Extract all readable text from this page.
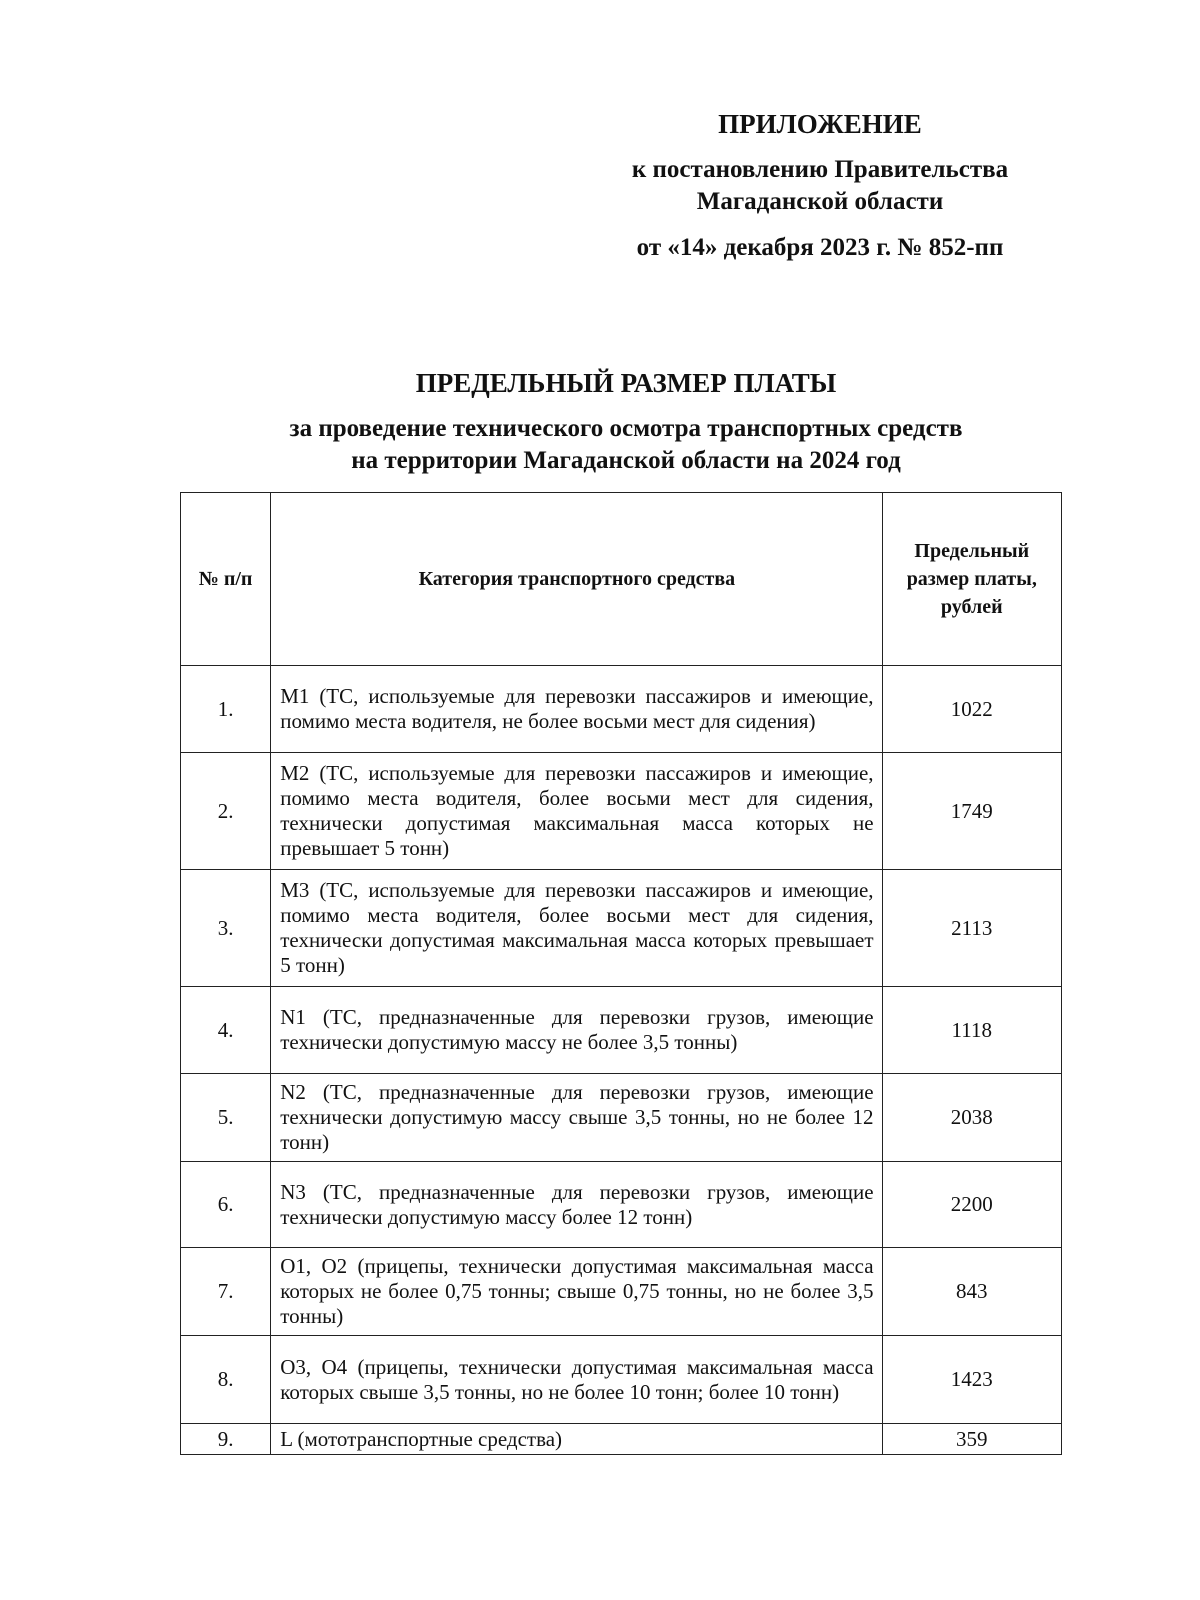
ПРИЛОЖЕНИЕ
к постановлению Правительства
Магаданской области
от «14» декабря 2023 г. № 852-пп
ПРЕДЕЛЬНЫЙ РАЗМЕР ПЛАТЫ
за проведение технического осмотра транспортных средств
на территории Магаданской области на 2024 год
№ п/п	Категория транспортного средства	Предельный размер платы, рублей
1.	M1 (ТС, используемые для перевозки пассажиров и имеющие, помимо места водителя, не более восьми мест для сидения)	1022
2.	M2 (ТС, используемые для перевозки пассажиров и имеющие, помимо места водителя, более восьми мест для сидения, технически допустимая максимальная масса которых не превышает 5 тонн)	1749
3.	M3 (ТС, используемые для перевозки пассажиров и имеющие, помимо места водителя, более восьми мест для сидения, технически допустимая максимальная масса которых превышает 5 тонн)	2113
4.	N1 (ТС, предназначенные для перевозки грузов, имеющие технически допустимую массу не более 3,5 тонны)	1118
5.	N2 (ТС, предназначенные для перевозки грузов, имеющие технически допустимую массу свыше 3,5 тонны, но не более 12 тонн)	2038
6.	N3 (ТС, предназначенные для перевозки грузов, имеющие технически допустимую массу более 12 тонн)	2200
7.	O1, O2 (прицепы, технически допустимая максимальная масса которых не более 0,75 тонны; свыше 0,75 тонны, но не более 3,5 тонны)	843
8.	O3, O4 (прицепы, технически допустимая максимальная масса которых свыше 3,5 тонны, но не более 10 тонн; более 10 тонн)	1423
9.	L (мототранспортные средства)	359
